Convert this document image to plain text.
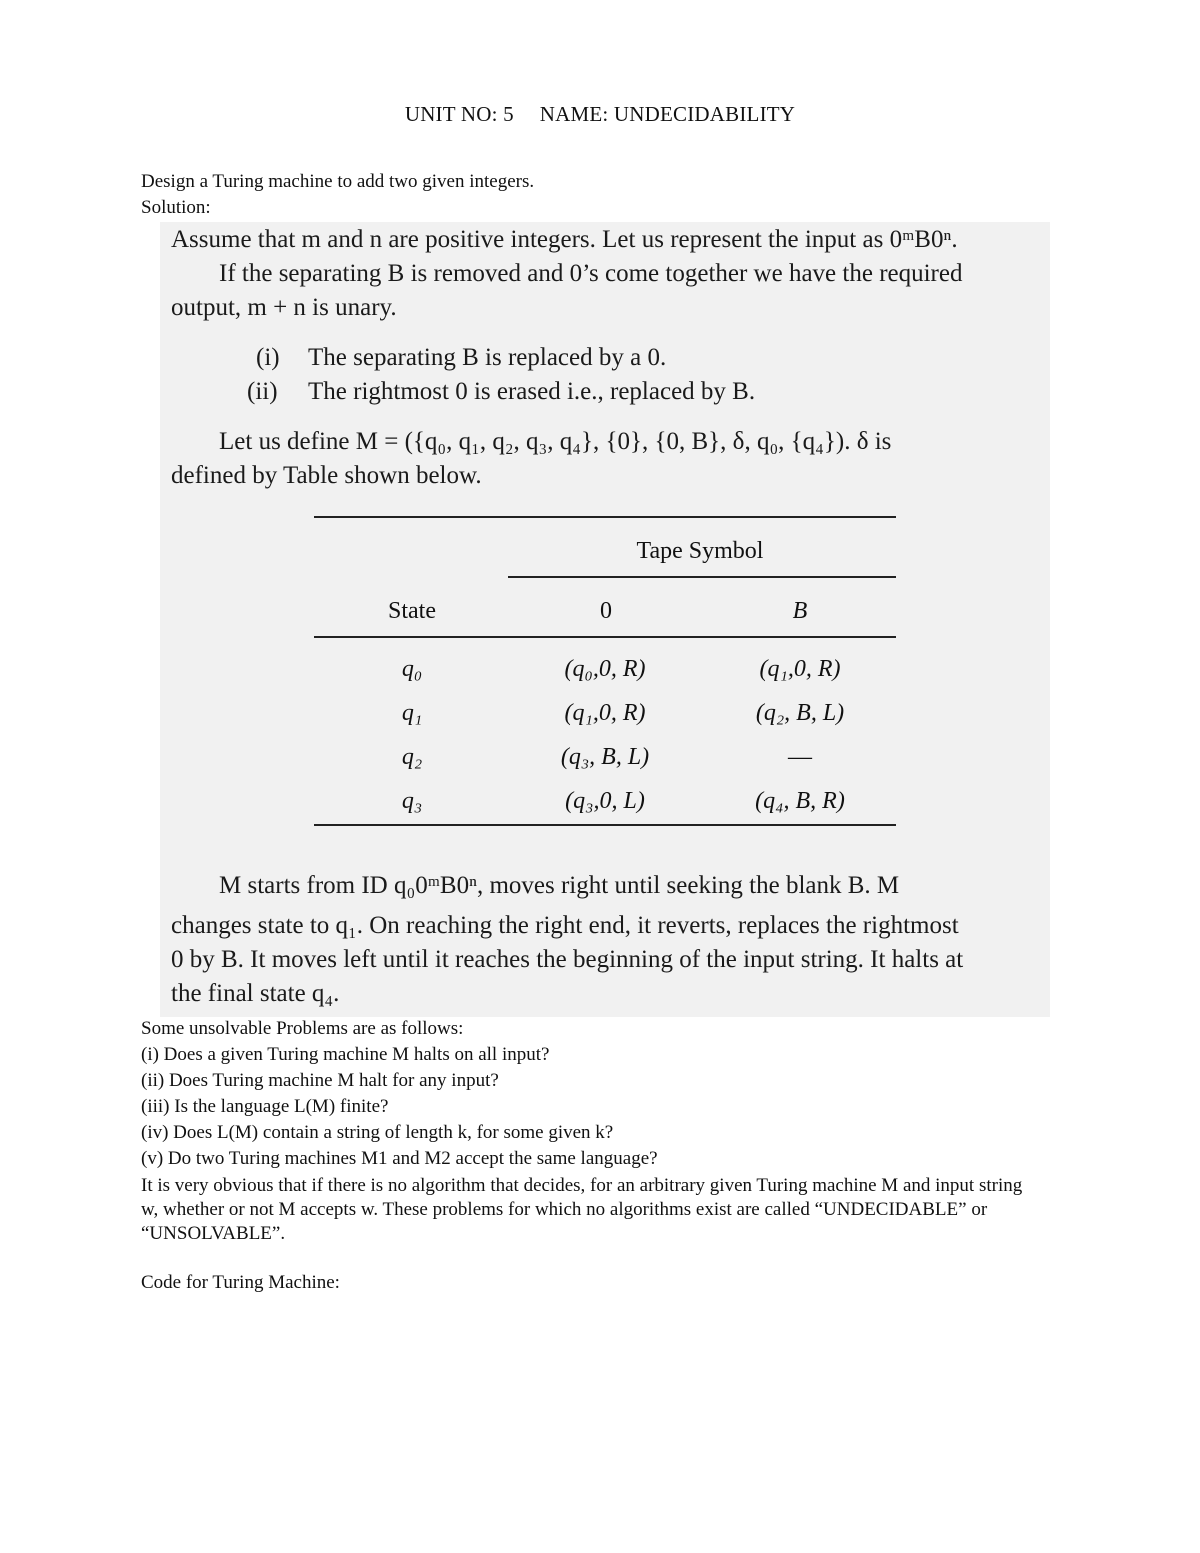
UNIT NO: 5 NAME: UNDECIDABILITY
Design a Turing machine to add two given integers.
Solution:
Assume that m and n are positive integers. Let us represent the input as 0ᵐB0ⁿ.
If the separating B is removed and 0’s come together we have the required
output, m + n is unary.
(i) The separating B is replaced by a 0.
(ii) The rightmost 0 is erased i.e., replaced by B.
Let us define M = ({q₀, q₁, q₂, q₃, q₄}, {0}, {0, B}, δ, q₀, {q₄}). δ is
defined by Table shown below.
Tape Symbol
State	0	B
q₀	(q₀,0, R)	(q₁,0, R)
q₁	(q₁,0, R)	(q₂, B, L)
q₂	(q₃, B, L)	—
q₃	(q₃,0, L)	(q₄, B, R)
M starts from ID q₀0ᵐB0ⁿ, moves right until seeking the blank B. M
changes state to q₁. On reaching the right end, it reverts, replaces the rightmost
0 by B. It moves left until it reaches the beginning of the input string. It halts at
the final state q₄.
Some unsolvable Problems are as follows:
(i) Does a given Turing machine M halts on all input?
(ii) Does Turing machine M halt for any input?
(iii) Is the language L(M) finite?
(iv) Does L(M) contain a string of length k, for some given k?
(v) Do two Turing machines M1 and M2 accept the same language?
It is very obvious that if there is no algorithm that decides, for an arbitrary given Turing machine M and input string w, whether or not M accepts w. These problems for which no algorithms exist are called “UNDECIDABLE” or “UNSOLVABLE”.
Code for Turing Machine:
